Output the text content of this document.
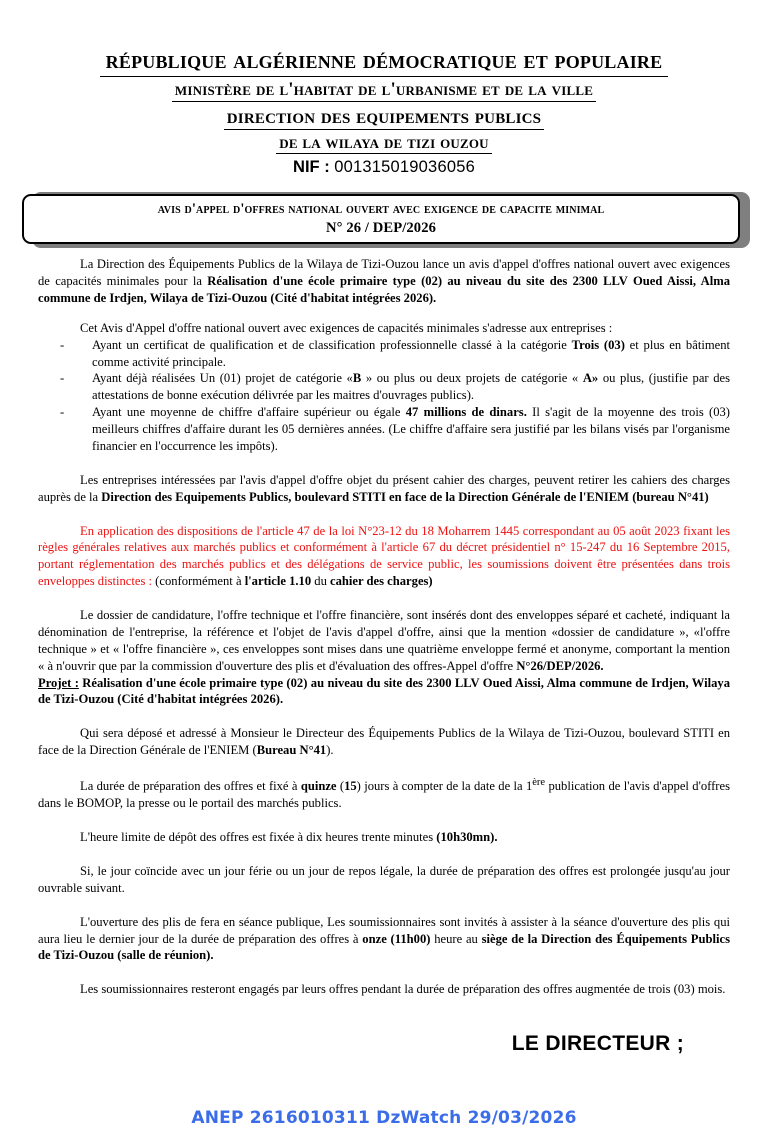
république algérienne démocratique et populaire
ministère de l'habitat de l'urbanisme et de la ville
direction des equipements publics
de la wilaya de tizi ouzou
NIF : 001315019036056
avis d'appel d'offres national ouvert avec exigence de capacite minimal
N° 26 / DEP/2026

La Direction des Équipements Publics de la Wilaya de Tizi-Ouzou lance un avis d'appel d'offres national ouvert avec exigences de capacités minimales pour la Réalisation d'une école primaire type (02) au niveau du site des 2300 LLV Oued Aissi, Alma commune de Irdjen, Wilaya de Tizi-Ouzou (Cité d'habitat intégrées 2026).

Cet Avis d'Appel d'offre national ouvert avec exigences de capacités minimales s'adresse aux entreprises :

- Ayant un certificat de qualification et de classification professionnelle classé à la catégorie Trois (03) et plus en bâtiment comme activité principale.
- Ayant déjà réalisées Un (01) projet de catégorie «B » ou plus ou deux projets de catégorie « A» ou plus, (justifie par des attestations de bonne exécution délivrée par les maitres d'ouvrages publics).
- Ayant une moyenne de chiffre d'affaire supérieur ou égale 47 millions de dinars. Il s'agit de la moyenne des trois (03) meilleurs chiffres d'affaire durant les 05 dernières années. (Le chiffre d'affaire sera justifié par les bilans visés par l'organisme financier en l'occurrence les impôts).

Les entreprises intéressées par l'avis d'appel d'offre objet du présent cahier des charges, peuvent retirer les cahiers des charges auprès de la Direction des Equipements Publics, boulevard STITI en face de la Direction Générale de l'ENIEM (bureau N°41)

En application des dispositions de l'article 47 de la loi N°23-12 du 18 Moharrem 1445 correspondant au 05 août 2023 fixant les règles générales relatives aux marchés publics et conformément à l'article 67 du décret présidentiel n° 15-247 du 16 Septembre 2015, portant réglementation des marchés publics et des délégations de service public, les soumissions doivent être présentées dans trois enveloppes distinctes : (conformément à l'article 1.10 du cahier des charges)

Le dossier de candidature, l'offre technique et l'offre financière, sont insérés dont des enveloppes séparé et cacheté, indiquant la dénomination de l'entreprise, la référence et l'objet de l'avis d'appel d'offre, ainsi que la mention «dossier de candidature », «l'offre technique » et « l'offre financière », ces enveloppes sont mises dans une quatrième enveloppe fermé et anonyme, comportant la mention « à n'ouvrir que par la commission d'ouverture des plis et d'évaluation des offres-Appel d'offre N°26/DEP/2026.

Projet : Réalisation d'une école primaire type (02) au niveau du site des 2300 LLV Oued Aissi, Alma commune de Irdjen, Wilaya de Tizi-Ouzou (Cité d'habitat intégrées 2026).

Qui sera déposé et adressé à Monsieur le Directeur des Équipements Publics de la Wilaya de Tizi-Ouzou, boulevard STITI en face de la Direction Générale de l'ENIEM (Bureau N°41).

La durée de préparation des offres et fixé à quinze (15) jours à compter de la date de la 1ère publication de l'avis d'appel d'offres dans le BOMOP, la presse ou le portail des marchés publics.

L'heure limite de dépôt des offres est fixée à dix heures trente minutes (10h30mn).

Si, le jour coïncide avec un jour férie ou un jour de repos légale, la durée de préparation des offres est prolongée jusqu'au jour ouvrable suivant.

L'ouverture des plis de fera en séance publique, Les soumissionnaires sont invités à assister à la séance d'ouverture des plis qui aura lieu le dernier jour de la durée de préparation des offres à onze (11h00) heure au siège de la Direction des Équipements Publics de Tizi-Ouzou (salle de réunion).

Les soumissionnaires resteront engagés par leurs offres pendant la durée de préparation des offres augmentée de trois (03) mois.

LE DIRECTEUR ;
ANEP 2616010311 DzWatch 29/03/2026
